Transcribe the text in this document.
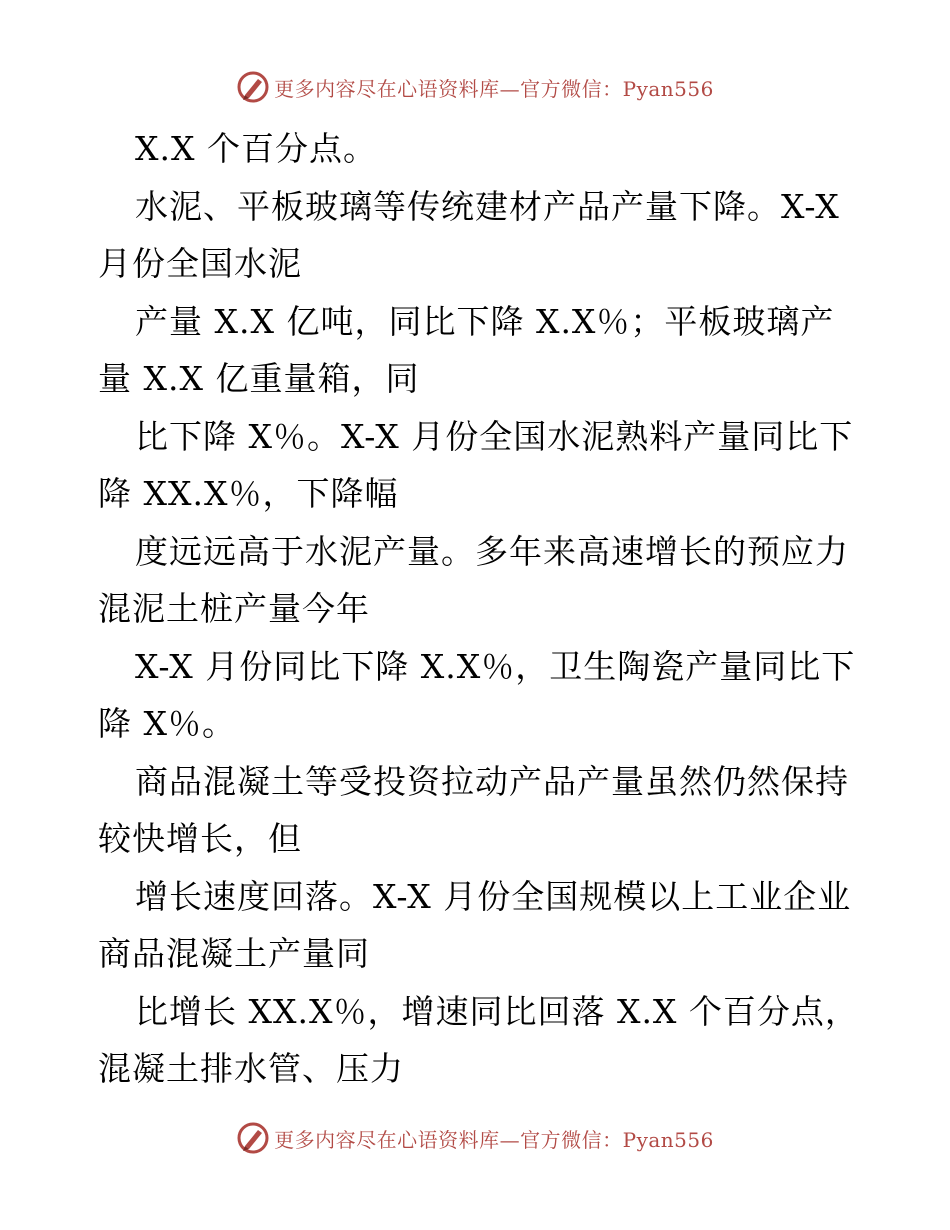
更多内容尽在心语资料库—官方微信：Pyan556

X.X 个百分点。
水泥、平板玻璃等传统建材产品产量下降。X-X
月份全国水泥
产量 X.X 亿吨，同比下降 X.X％；平板玻璃产
量 X.X 亿重量箱，同
比下降 X％。X-X 月份全国水泥熟料产量同比下
降 XX.X％，下降幅
度远远高于水泥产量。多年来高速增长的预应力
混泥土桩产量今年
X-X 月份同比下降 X.X％，卫生陶瓷产量同比下
降 X％。
商品混凝土等受投资拉动产品产量虽然仍然保持
较快增长，但
增长速度回落。X-X 月份全国规模以上工业企业
商品混凝土产量同
比增长 XX.X％，增速同比回落 X.X 个百分点，
混凝土排水管、压力

更多内容尽在心语资料库—官方微信：Pyan556
